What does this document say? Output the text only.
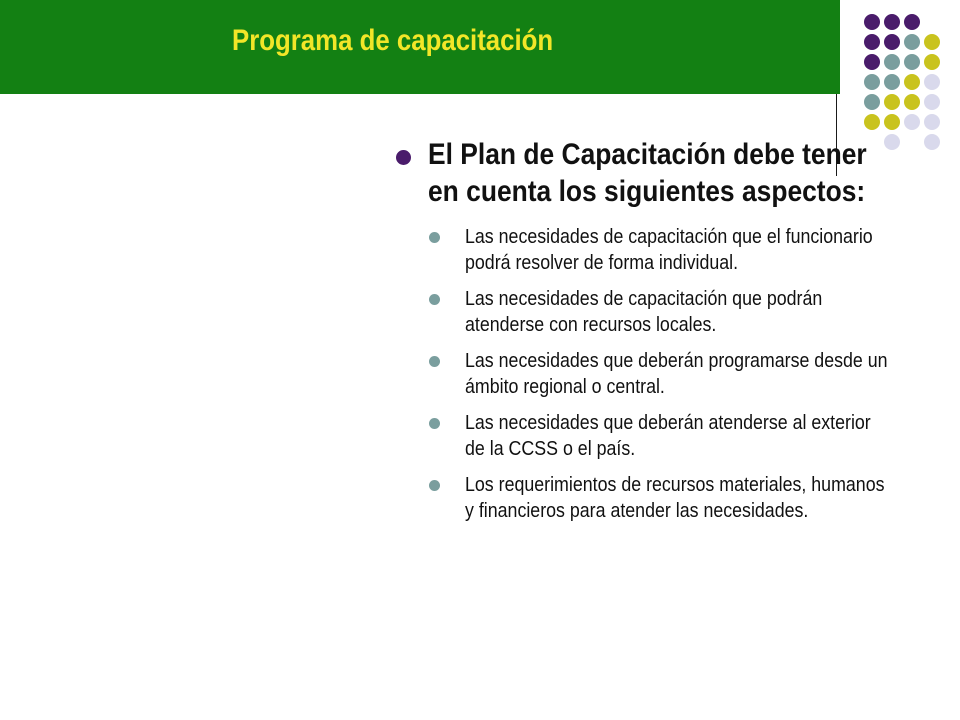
Programa de capacitación
El Plan de Capacitación debe tener en cuenta los siguientes aspectos:
Las necesidades de capacitación que el funcionario podrá resolver de forma individual.
Las necesidades de capacitación que podrán atenderse con recursos locales.
Las necesidades que deberán programarse desde un ámbito regional o central.
Las necesidades que deberán atenderse al exterior de la CCSS o el país.
Los requerimientos de recursos materiales, humanos y financieros para atender las necesidades.
